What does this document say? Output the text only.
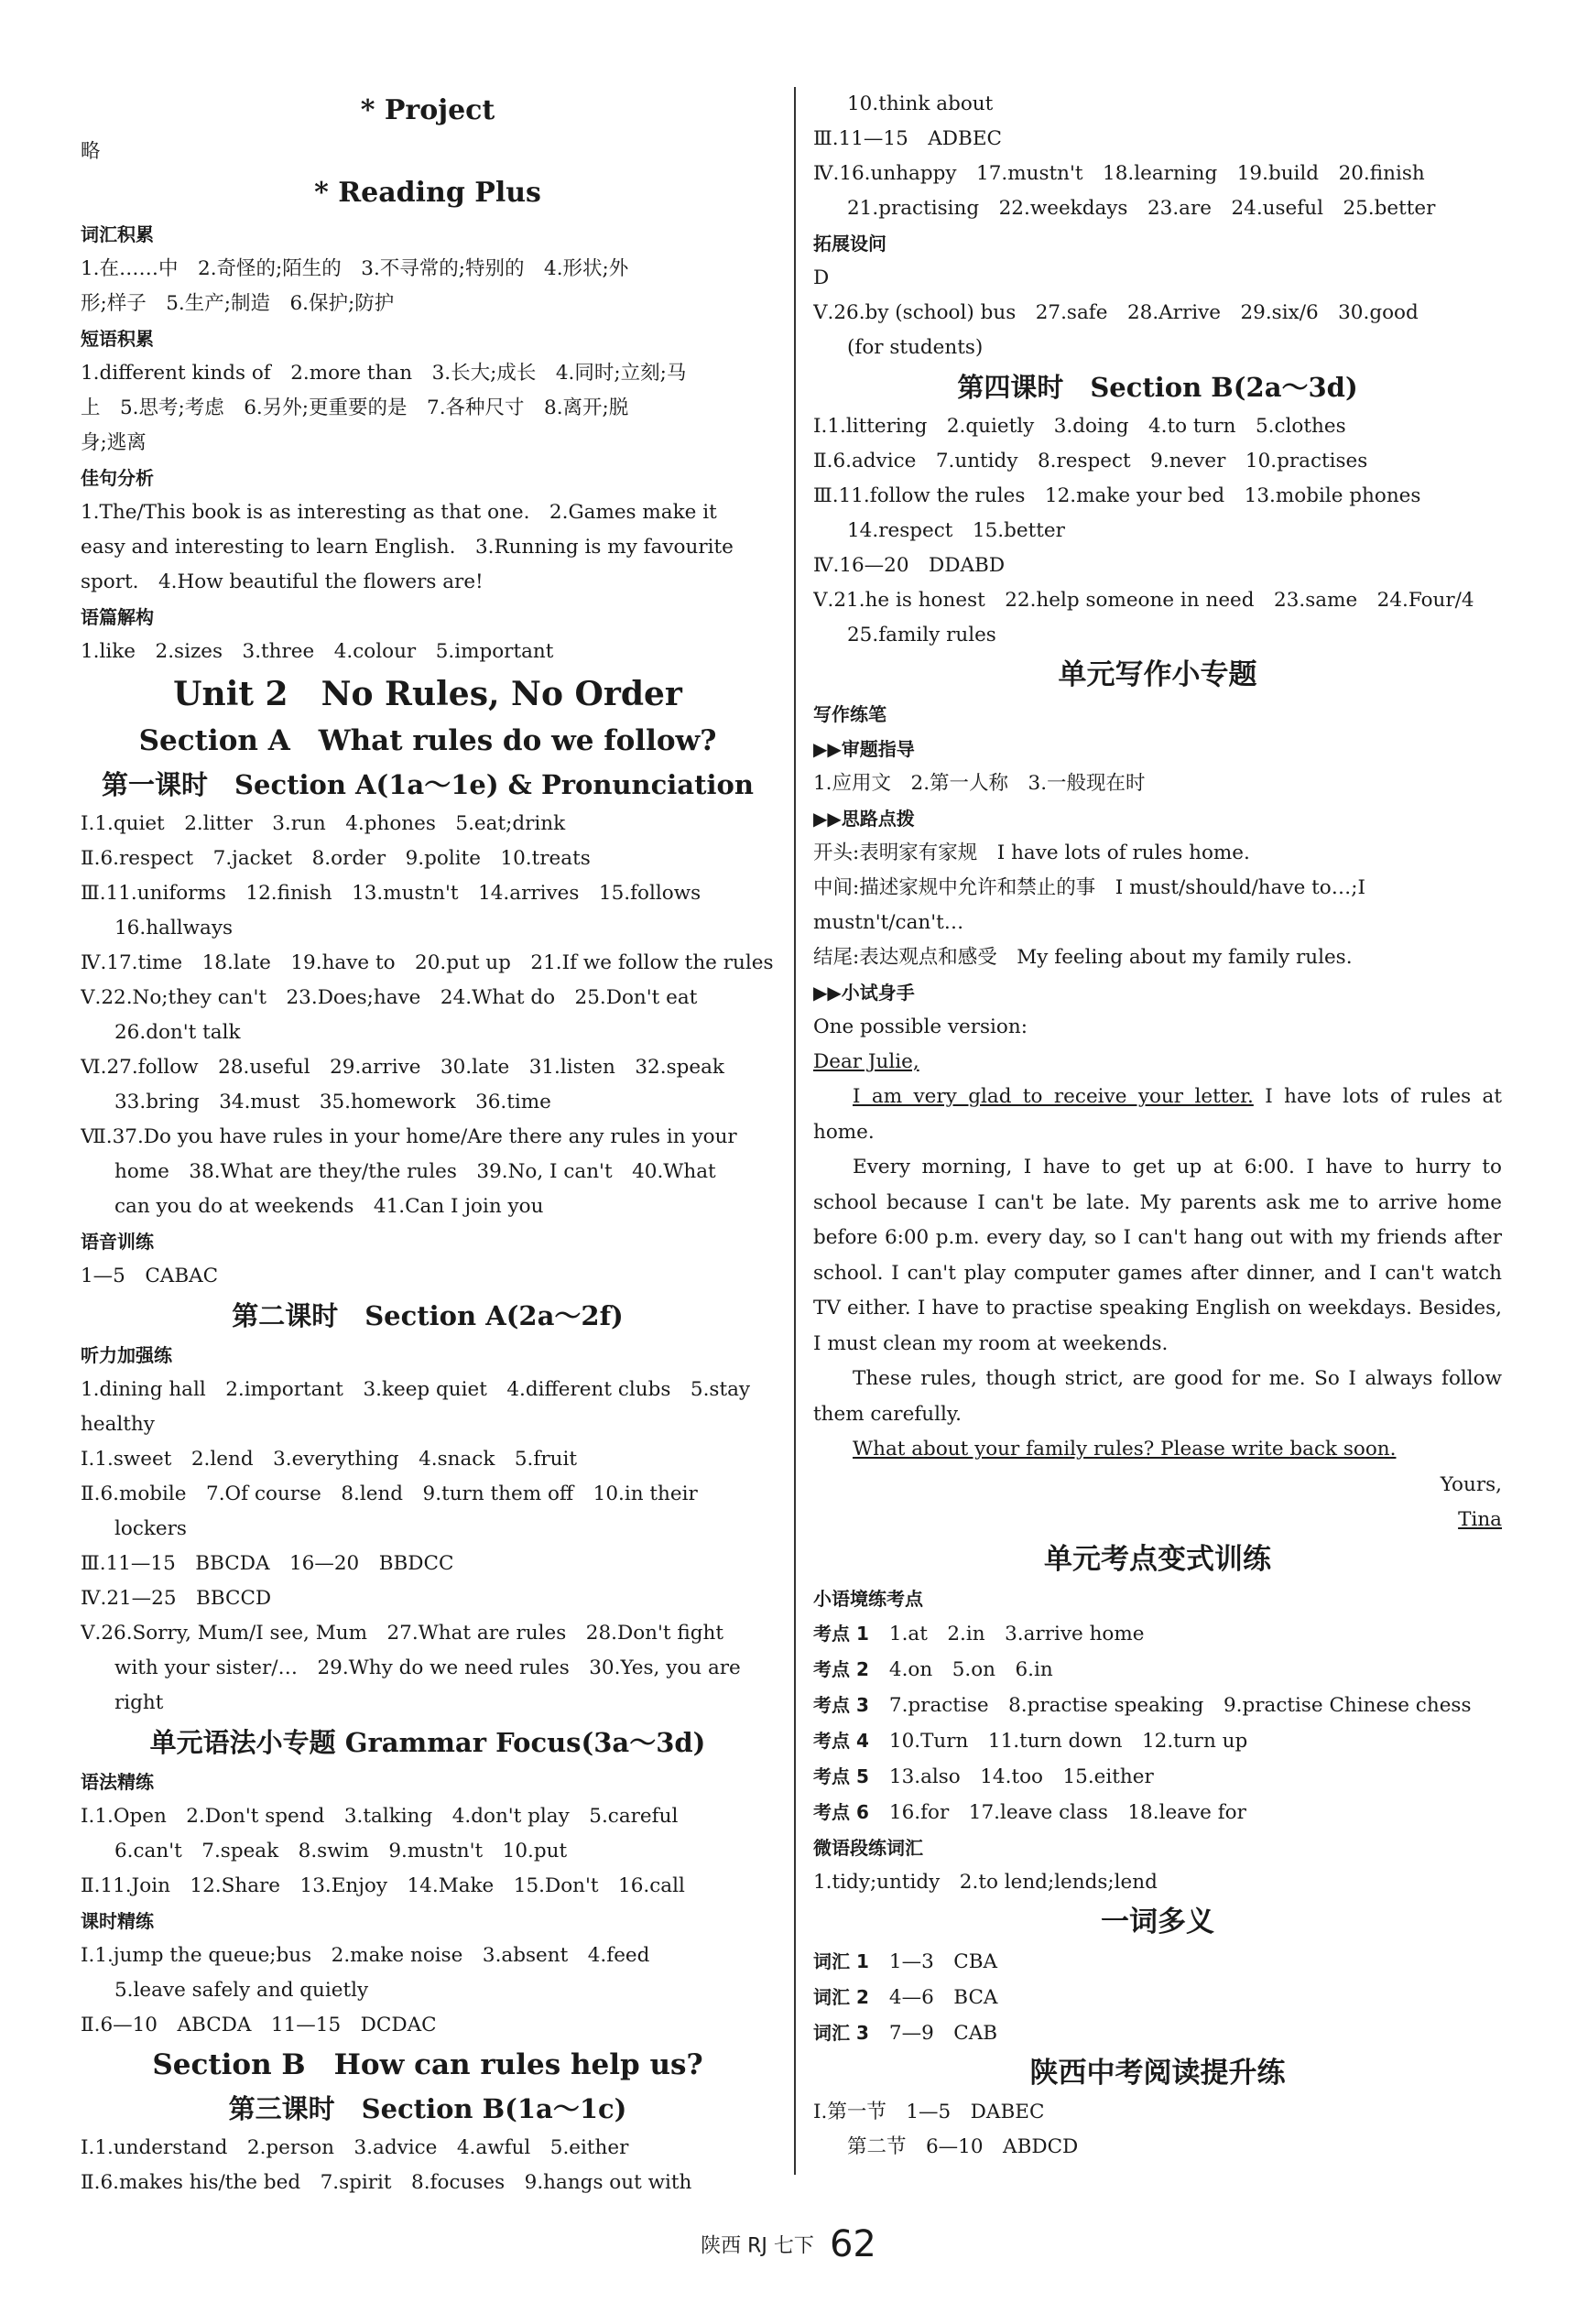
* Project
略
* Reading Plus
词汇积累
1.在……中　2.奇怪的;陌生的　3.不寻常的;特别的　4.形状;外
形;样子　5.生产;制造　6.保护;防护
短语积累
1.different kinds of　2.more than　3.长大;成长　4.同时;立刻;马
上　5.思考;考虑　6.另外;更重要的是　7.各种尺寸　8.离开;脱
身;逃离
佳句分析
1.The/This book is as interesting as that one.　2.Games make it
easy and interesting to learn English.　3.Running is my favourite
sport.　4.How beautiful the flowers are!
语篇解构
1.like　2.sizes　3.three　4.colour　5.important
Unit 2　No Rules, No Order
Section A　What rules do we follow?
第一课时　Section A(1a～1e) & Pronunciation
Ⅰ.1.quiet　2.litter　3.run　4.phones　5.eat;drink
Ⅱ.6.respect　7.jacket　8.order　9.polite　10.treats
Ⅲ.11.uniforms　12.finish　13.mustn't　14.arrives　15.follows
16.hallways
Ⅳ.17.time　18.late　19.have to　20.put up　21.If we follow the rules
Ⅴ.22.No;they can't　23.Does;have　24.What do　25.Don't eat
26.don't talk
Ⅵ.27.follow　28.useful　29.arrive　30.late　31.listen　32.speak
33.bring　34.must　35.homework　36.time
Ⅶ.37.Do you have rules in your home/Are there any rules in your
home　38.What are they/the rules　39.No, I can't　40.What
can you do at weekends　41.Can I join you
语音训练
1—5　CABAC
第二课时　Section A(2a～2f)
听力加强练
1.dining hall　2.important　3.keep quiet　4.different clubs　5.stay
healthy
Ⅰ.1.sweet　2.lend　3.everything　4.snack　5.fruit
Ⅱ.6.mobile　7.Of course　8.lend　9.turn them off　10.in their
lockers
Ⅲ.11—15　BBCDA　16—20　BBDCC
Ⅳ.21—25　BBCCD
Ⅴ.26.Sorry, Mum/I see, Mum　27.What are rules　28.Don't fight
with your sister/…　29.Why do we need rules　30.Yes, you are
right
单元语法小专题 Grammar Focus(3a～3d)
语法精练
Ⅰ.1.Open　2.Don't spend　3.talking　4.don't play　5.careful
6.can't　7.speak　8.swim　9.mustn't　10.put
Ⅱ.11.Join　12.Share　13.Enjoy　14.Make　15.Don't　16.call
课时精练
Ⅰ.1.jump the queue;bus　2.make noise　3.absent　4.feed
5.leave safely and quietly
Ⅱ.6—10　ABCDA　11—15　DCDAC
Section B　How can rules help us?
第三课时　Section B(1a～1c)
Ⅰ.1.understand　2.person　3.advice　4.awful　5.either
Ⅱ.6.makes his/the bed　7.spirit　8.focuses　9.hangs out with
10.think about
Ⅲ.11—15　ADBEC
Ⅳ.16.unhappy　17.mustn't　18.learning　19.build　20.finish
21.practising　22.weekdays　23.are　24.useful　25.better
拓展设问
D
Ⅴ.26.by (school) bus　27.safe　28.Arrive　29.six/6　30.good
(for students)
第四课时　Section B(2a～3d)
Ⅰ.1.littering　2.quietly　3.doing　4.to turn　5.clothes
Ⅱ.6.advice　7.untidy　8.respect　9.never　10.practises
Ⅲ.11.follow the rules　12.make your bed　13.mobile phones
14.respect　15.better
Ⅳ.16—20　DDABD
Ⅴ.21.he is honest　22.help someone in need　23.same　24.Four/4
25.family rules
单元写作小专题
写作练笔
▶▶审题指导
1.应用文　2.第一人称　3.一般现在时
▶▶思路点拨
开头:表明家有家规　I have lots of rules home.
中间:描述家规中允许和禁止的事　I must/should/have to…;I
mustn't/can't…
结尾:表达观点和感受　My feeling about my family rules.
▶▶小试身手
One possible version:
Dear Julie,
I am very glad to receive your letter. I have lots of rules at home.
Every morning, I have to get up at 6:00. I have to hurry to school because I can't be late. My parents ask me to arrive home before 6:00 p.m. every day, so I can't hang out with my friends after school. I can't play computer games after dinner, and I can't watch TV either. I have to practise speaking English on weekdays. Besides, I must clean my room at weekends.
These rules, though strict, are good for me. So I always follow them carefully.
What about your family rules? Please write back soon.
Yours,
Tina
单元考点变式训练
小语境练考点
考点 1 1.at　2.in　3.arrive home
考点 2 4.on　5.on　6.in
考点 3 7.practise　8.practise speaking　9.practise Chinese chess
考点 4 10.Turn　11.turn down　12.turn up
考点 5 13.also　14.too　15.either
考点 6 16.for　17.leave class　18.leave for
微语段练词汇
1.tidy;untidy　2.to lend;lends;lend
一词多义
词汇 1 1—3　CBA
词汇 2 4—6　BCA
词汇 3 7—9　CAB
陕西中考阅读提升练
Ⅰ.第一节　1—5　DABEC
第二节　6—10　ABDCD
陕西 RJ 七下 62
